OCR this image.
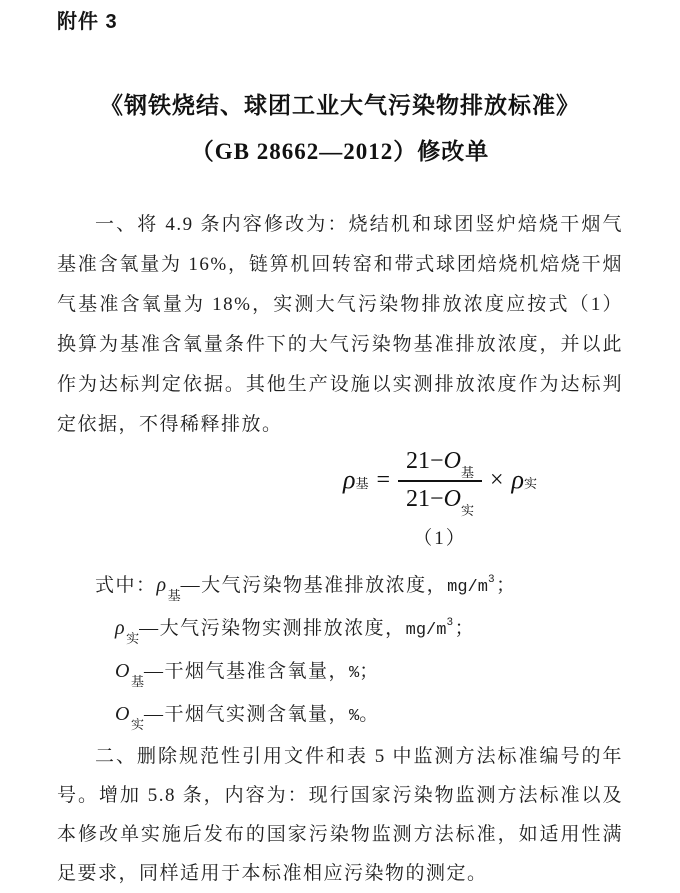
附件 3
《钢铁烧结、球团工业大气污染物排放标准》
（GB 28662—2012）修改单

一、将 4.9 条内容修改为：烧结机和球团竖炉焙烧干烟气基准含氧量为 16%，链箅机回转窑和带式球团焙烧机焙烧干烟气基准含氧量为 18%，实测大气污染物排放浓度应按式（1）换算为基准含氧量条件下的大气污染物基准排放浓度，并以此作为达标判定依据。其他生产设施以实测排放浓度作为达标判定依据，不得稀释排放。

$\rho_基 = \frac{21-O_基}{21-O_实} \times \rho_实$
（1）
式中：$\rho_基—$大气污染物基准排放浓度，$mg/m^3$；
$\rho_实—$大气污染物实测排放浓度，$mg/m^3$；
$O_基—$干烟气基准含氧量，%；
$O_实—$干烟气实测含氧量，%。

二、删除规范性引用文件和表 5 中监测方法标准编号的年号。增加 5.8 条，内容为：现行国家污染物监测方法标准以及本修改单实施后发布的国家污染物监测方法标准，如适用性满足要求，同样适用于本标准相应污染物的测定。
